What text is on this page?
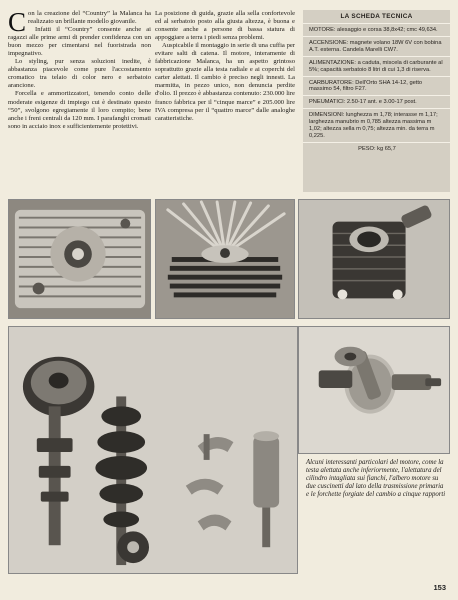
Con la creazione del “Country” la Malanca ha realizzato un brillante modello giovanile.

Infatti il “Country” consente anche ai ragazzi alle prime armi di prender confidenza con un buon mezzo per cimentarsi nel fuoristrada non impegnativo.

Lo styling, pur senza soluzioni inedite, è abbastanza piacevole come pure l'accostamento cromatico tra telaio di color nero e serbatoio arancione.

Forcella e ammortizzatori, tenendo conto delle moderate esigenze di impiego cui è destinato questo “50”, svolgono egregiamente il loro compito; bene anche i freni centrali da 120 mm. I parafanghi cromati sono in acciaio inox e sufficientemente protettivi.

La posizione di guida, grazie alla sella confortevole ed al serbatoio posto alla giusta altezza, è buona e consente anche a persone di bassa statura di appoggiare a terra i piedi senza problemi.

Auspicabile il montaggio in serie di una cuffia per evitare salti di catena. Il motore, interamente di fabbricazione Malanca, ha un aspetto grintoso soprattutto grazie alla testa radiale e ai coperchi del carter alettati. Il cambio è preciso negli innesti. La marmitta, in pezzo unico, non denuncia perdite d'olio. Il prezzo è abbastanza contenuto: 230.000 lire franco fabbrica per il “cinque marce” e 205.000 lire IVA compresa per il “quattro marce” dalle analoghe caratteristiche.

LA SCHEDA TECNICA
MOTORE: alesaggio e corsa 38,8x42; cmc 49,634.
ACCENSIONE: magnete volano 18W 6V con bobina A.T. esterna. Candela Marelli CW7.
ALIMENTAZIONE: a caduta, miscela di carburante al 5%; capacità serbatoio 8 litri di cui 1,3 di riserva.
CARBURATORE: Dell'Orto SHA 14-12, getto massimo 54, filtro F27.
PNEUMATICI: 2.50-17 ant. e 3.00-17 post.
DIMENSIONI: lunghezza m 1,78; interasse m 1,17; larghezza manubrio m 0,785 altezza massima m 1,02; altezza sella m 0,75; altezza min. da terra m 0,225.
PESO: kg 65,7
Alcuni interessanti particolari del motore, come la testa alettata anche inferiormente, l'alettatura del cilindro intagliata sui fianchi, l'albero motore su due cuscinetti dal lato della trasmissione primaria e le forchette forgiate del cambio a cinque rapporti
153
